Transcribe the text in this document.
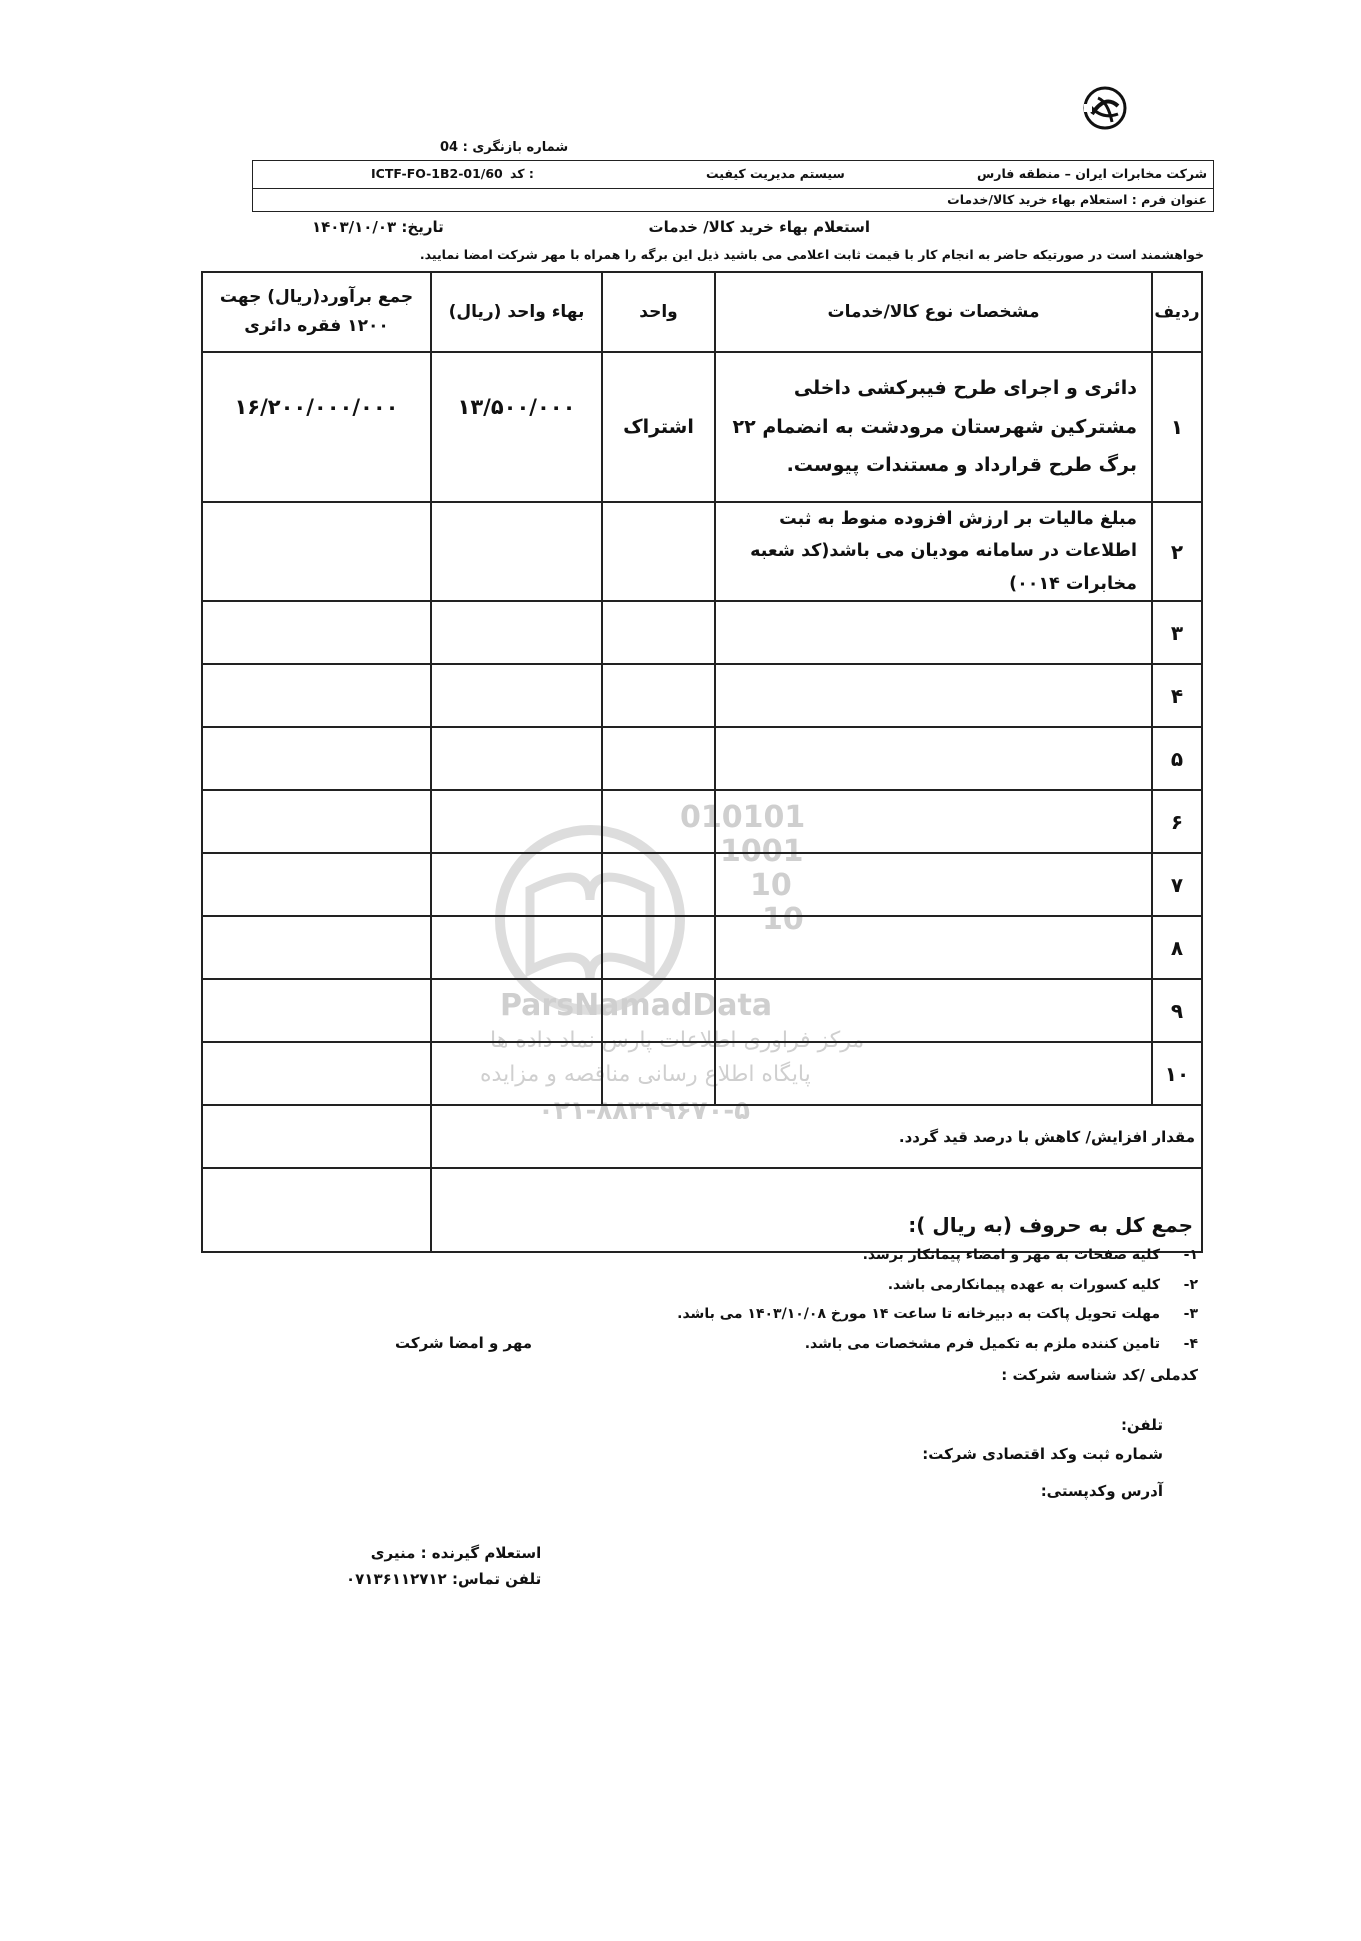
شماره بازنگری : 04
شرکت مخابرات ایران – منطقه فارس
سیستم مدیریت کیفیت
کد :
ICTF-FO-1B2-01/60
عنوان فرم : استعلام بهاء خرید کالا/خدمات
استعلام بهاء خرید کالا/ خدمات
تاریخ: ۱۴۰۳/۱۰/۰۳
خواهشمند است در صورتیکه حاضر به انجام کار با قیمت ثابت اعلامی می باشید ذیل این برگه را همراه با مهر شرکت امضا نمایید.
010101
1001
10
10
ParsNamadData
مرکز فراوری اطلاعات پارس نماد داده ها
پایگاه اطلاع رسانی مناقصه و مزایده
۰۲۱-۸۸۳۴۹۶۷۰-۵
ردیف	مشخصات نوع کالا/خدمات	واحد	بهاء واحد (ریال)	جمع برآورد(ریال) جهت ۱۲۰۰ فقره دائری
۱	دائری و اجرای طرح فیبرکشی داخلی مشترکین شهرستان مرودشت به انضمام ۲۲ برگ طرح قرارداد و مستندات پیوست.	اشتراک	۱۳/۵۰۰/۰۰۰	۱۶/۲۰۰/۰۰۰/۰۰۰
۲	مبلغ مالیات بر ارزش افزوده منوط به ثبت اطلاعات در سامانه مودیان می باشد(کد شعبه مخابرات ۰۰۱۴)			
۳				
۴				
۵				
۶				
۷				
۸				
۹				
۱۰				
مقدار افزایش/ کاهش با درصد قید گردد.				
جمع کل به حروف (به ریال ):				
۱-کلیه صفحات به مهر و امضاء پیمانکار برسد.
۲-کلیه کسورات به عهده پیمانکارمی باشد.
۳-مهلت تحویل پاکت به دبیرخانه تا ساعت ۱۴ مورخ ۱۴۰۳/۱۰/۰۸ می باشد.
۴-تامین کننده ملزم به تکمیل فرم مشخصات می باشد.
مهر و امضا شرکت
کدملی /کد شناسه شرکت :
تلفن:
شماره ثبت وکد اقتصادی شرکت:
آدرس وکدپستی:
استعلام گیرنده : منیری
تلفن تماس: ۰۷۱۳۶۱۱۲۷۱۲
